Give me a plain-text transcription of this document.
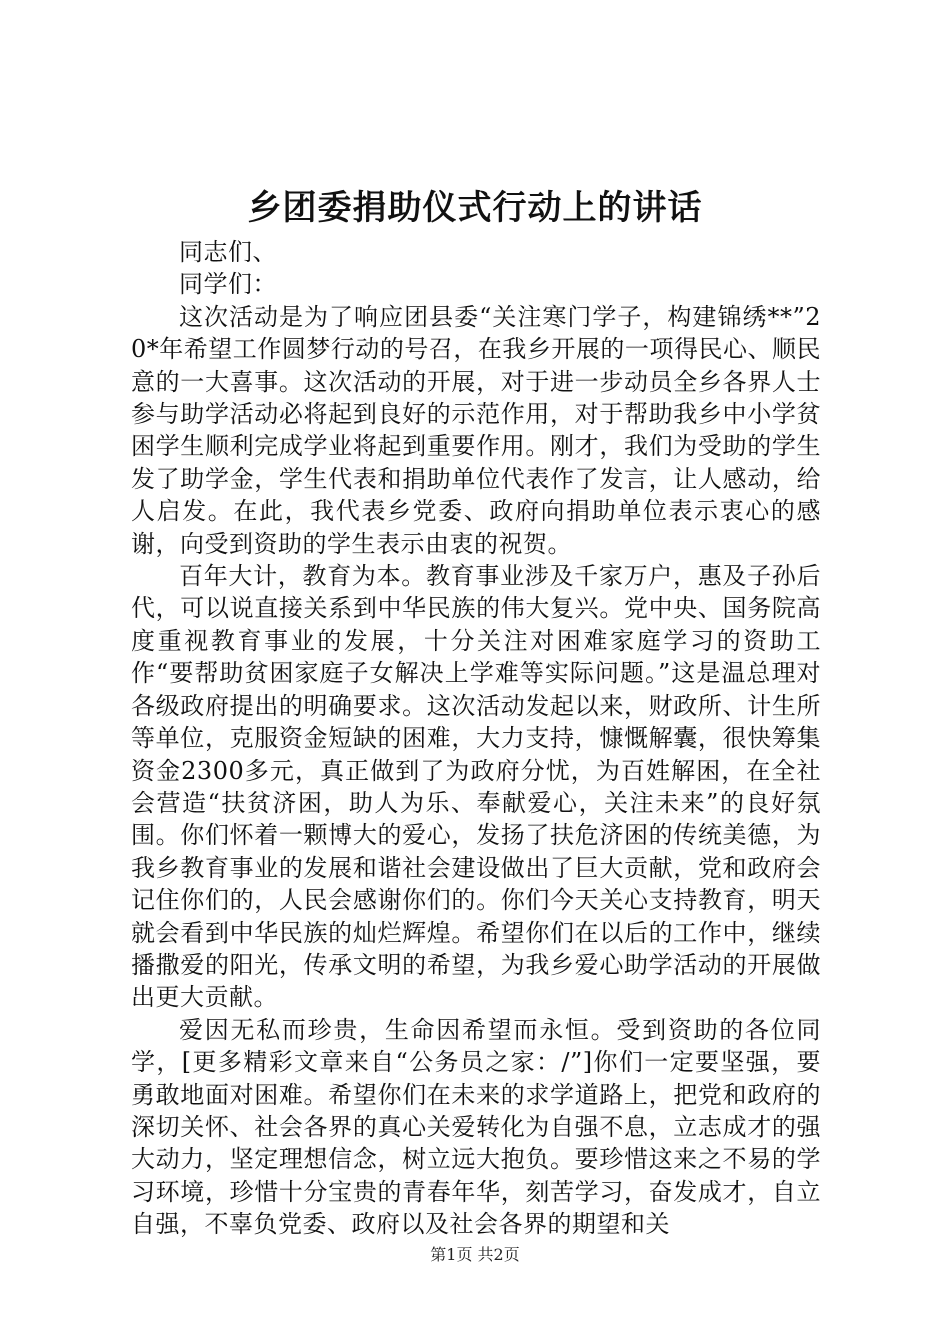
乡团委捐助仪式行动上的讲话

同志们、

同学们：

这次活动是为了响应团县委“关注寒门学子，构建锦绣**”20*年希望工作圆梦行动的号召，在我乡开展的一项得民心、顺民意的一大喜事。这次活动的开展，对于进一步动员全乡各界人士参与助学活动必将起到良好的示范作用，对于帮助我乡中小学贫困学生顺利完成学业将起到重要作用。刚才，我们为受助的学生发了助学金，学生代表和捐助单位代表作了发言，让人感动，给人启发。在此，我代表乡党委、政府向捐助单位表示衷心的感谢，向受到资助的学生表示由衷的祝贺。

百年大计，教育为本。教育事业涉及千家万户，惠及子孙后代，可以说直接关系到中华民族的伟大复兴。党中央、国务院高度重视教育事业的发展，十分关注对困难家庭学习的资助工作“要帮助贫困家庭子女解决上学难等实际问题。”这是温总理对各级政府提出的明确要求。这次活动发起以来，财政所、计生所等单位，克服资金短缺的困难，大力支持，慷慨解囊，很快筹集资金2300多元，真正做到了为政府分忧，为百姓解困，在全社会营造“扶贫济困，助人为乐、奉献爱心，关注未来”的良好氛围。你们怀着一颗博大的爱心，发扬了扶危济困的传统美德，为我乡教育事业的发展和谐社会建设做出了巨大贡献，党和政府会记住你们的，人民会感谢你们的。你们今天关心支持教育，明天就会看到中华民族的灿烂辉煌。希望你们在以后的工作中，继续播撒爱的阳光，传承文明的希望，为我乡爱心助学活动的开展做出更大贡献。

爱因无私而珍贵，生命因希望而永恒。受到资助的各位同学，[更多精彩文章来自“公务员之家：/”]你们一定要坚强，要勇敢地面对困难。希望你们在未来的求学道路上，把党和政府的深切关怀、社会各界的真心关爱转化为自强不息，立志成才的强大动力，坚定理想信念，树立远大抱负。要珍惜这来之不易的学习环境，珍惜十分宝贵的青春年华，刻苦学习，奋发成才，自立自强，不辜负党委、政府以及社会各界的期望和关

第1页 共2页
